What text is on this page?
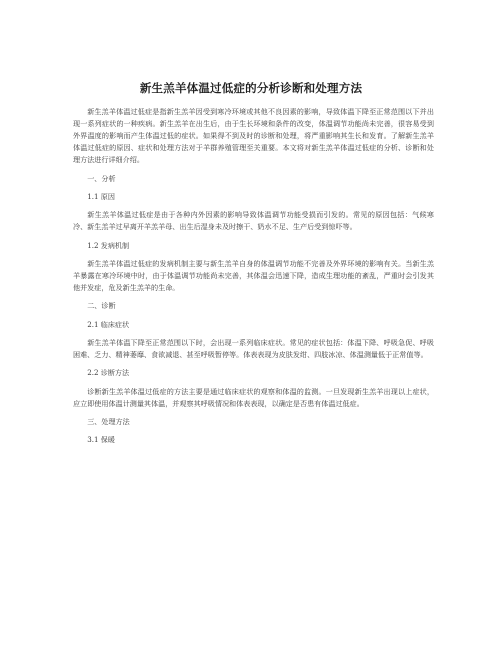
新生羔羊体温过低症的分析诊断和处理方法

新生羔羊体温过低症是指新生羔羊因受到寒冷环境或其他不良因素的影响，导致体温下降至正常范围以下并出现一系列症状的一种疾病。新生羔羊在出生后，由于生长环境和条件的改变，体温调节功能尚未完善，很容易受到外界温度的影响而产生体温过低的症状。如果得不到及时的诊断和处理，将严重影响其生长和发育。了解新生羔羊体温过低症的原因、症状和处理方法对于羊群养殖管理至关重要。本文将对新生羔羊体温过低症的分析、诊断和处理方法进行详细介绍。

一、分析

1.1 原因

新生羔羊体温过低症是由于各种内外因素的影响导致体温调节功能受损而引发的。常见的原因包括：气候寒冷、新生羔羊过早离开羊羔羊母、出生后湿身未及时擦干、奶水不足、生产后受到惊吓等。

1.2 发病机制

新生羔羊体温过低症的发病机制主要与新生羔羊自身的体温调节功能不完善及外界环境的影响有关。当新生羔羊暴露在寒冷环境中时，由于体温调节功能尚未完善，其体温会迅速下降，造成生理功能的紊乱，严重时会引发其他并发症，危及新生羔羊的生命。

二、诊断

2.1 临床症状

新生羔羊体温下降至正常范围以下时，会出现一系列临床症状。常见的症状包括：体温下降、呼吸急促、呼吸困难、乏力、精神萎靡、食欲减退、甚至呼吸暂停等。体表表现为皮肤发绀、四肢冰凉、体温测量低于正常值等。

2.2 诊断方法

诊断新生羔羊体温过低症的方法主要是通过临床症状的观察和体温的监测。一旦发现新生羔羊出现以上症状，应立即使用体温计测量其体温，并观察其呼吸情况和体表表现，以确定是否患有体温过低症。

三、处理方法

3.1 保暖
